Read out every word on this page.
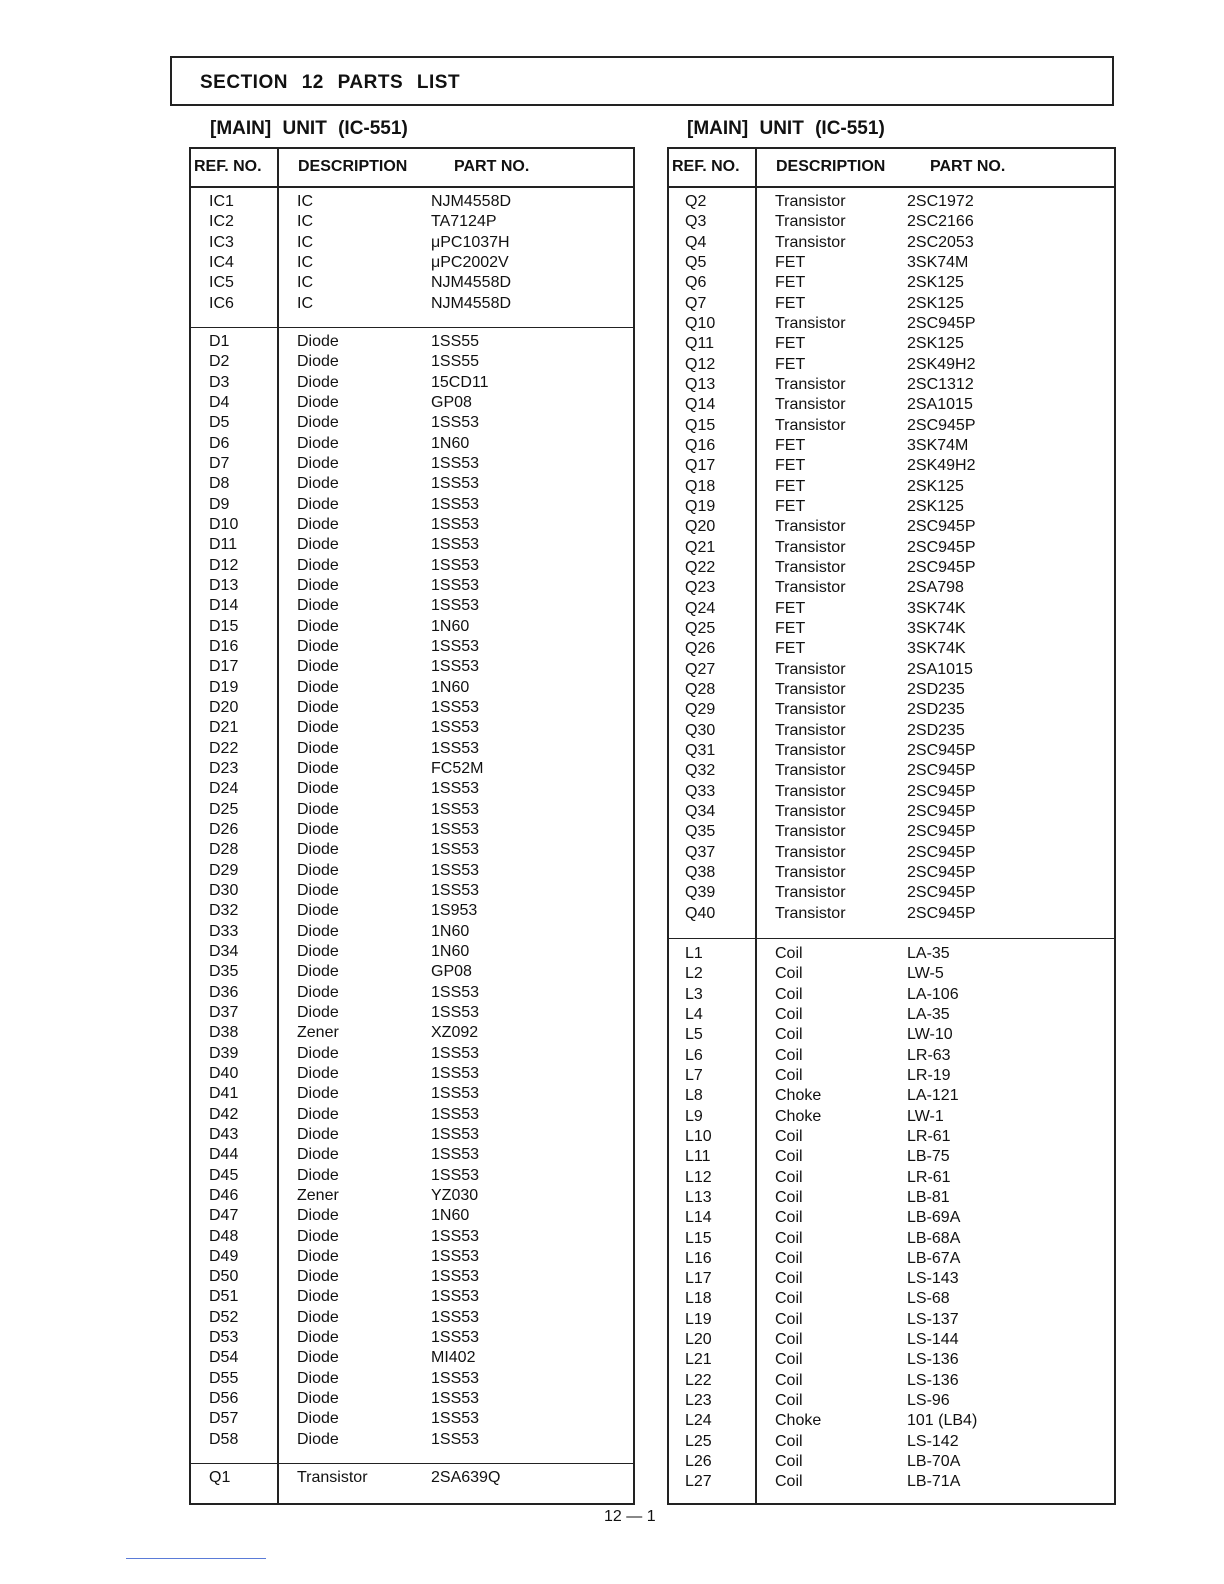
SECTION 12 PARTS LIST
[MAIN] UNIT (IC-551)	[MAIN] UNIT (IC-551)
REF. NO. DESCRIPTION	PART NO.
IC1	IC	NJM4558D
IC2	IC	TA7124P
IC3	IC	μPC1037H
IC4	IC	μPC2002V
IC5	IC	NJM4558D
IC6	IC	NJM4558D
D1	Diode	1SS55
D2	Diode	1SS55
D3	Diode	15CD11
D4	Diode	GP08
D5	Diode	1SS53
D6	Diode	1N60
D7	Diode	1SS53
D8	Diode	1SS53
D9	Diode	1SS53
D10	Diode	1SS53
D11	Diode	1SS53
D12	Diode	1SS53
D13	Diode	1SS53
D14	Diode	1SS53
D15	Diode	1N60
D16	Diode	1SS53
D17	Diode	1SS53
D19	Diode	1N60
D20	Diode	1SS53
D21	Diode	1SS53
D22	Diode	1SS53
D23	Diode	FC52M
D24	Diode	1SS53
D25	Diode	1SS53
D26	Diode	1SS53
D28	Diode	1SS53
D29	Diode	1SS53
D30	Diode	1SS53
D32	Diode	1S953
D33	Diode	1N60
D34	Diode	1N60
D35	Diode	GP08
D36	Diode	1SS53
D37	Diode	1SS53
D38	Zener	XZ092
D39	Diode	1SS53
D40	Diode	1SS53
D41	Diode	1SS53
D42	Diode	1SS53
D43	Diode	1SS53
D44	Diode	1SS53
D45	Diode	1SS53
D46	Zener	YZ030
D47	Diode	1N60
D48	Diode	1SS53
D49	Diode	1SS53
D50	Diode	1SS53
D51	Diode	1SS53
D52	Diode	1SS53
D53	Diode	1SS53
D54	Diode	MI402
D55	Diode	1SS53
D56	Diode	1SS53
D57	Diode	1SS53
D58	Diode	1SS53
Q1	Transistor	2SA639Q
REF. NO. DESCRIPTION	PART NO.
Q2	Transistor	2SC1972
Q3	Transistor	2SC2166
Q4	Transistor	2SC2053
Q5	FET	3SK74M
Q6	FET	2SK125
Q7	FET	2SK125
Q10	Transistor	2SC945P
Q11	FET	2SK125
Q12	FET	2SK49H2
Q13	Transistor	2SC1312
Q14	Transistor	2SA1015
Q15	Transistor	2SC945P
Q16	FET	3SK74M
Q17	FET	2SK49H2
Q18	FET	2SK125
Q19	FET	2SK125
Q20	Transistor	2SC945P
Q21	Transistor	2SC945P
Q22	Transistor	2SC945P
Q23	Transistor	2SA798
Q24	FET	3SK74K
Q25	FET	3SK74K
Q26	FET	3SK74K
Q27	Transistor	2SA1015
Q28	Transistor	2SD235
Q29	Transistor	2SD235
Q30	Transistor	2SD235
Q31	Transistor	2SC945P
Q32	Transistor	2SC945P
Q33	Transistor	2SC945P
Q34	Transistor	2SC945P
Q35	Transistor	2SC945P
Q37	Transistor	2SC945P
Q38	Transistor	2SC945P
Q39	Transistor	2SC945P
Q40	Transistor	2SC945P
L1	Coil	LA-35
L2	Coil	LW-5
L3	Coil	LA-106
L4	Coil	LA-35
L5	Coil	LW-10
L6	Coil	LR-63
L7	Coil	LR-19
L8	Choke	LA-121
L9	Choke	LW-1
L10	Coil	LR-61
L11	Coil	LB-75
L12	Coil	LR-61
L13	Coil	LB-81
L14	Coil	LB-69A
L15	Coil	LB-68A
L16	Coil	LB-67A
L17	Coil	LS-143
L18	Coil	LS-68
L19	Coil	LS-137
L20	Coil	LS-144
L21	Coil	LS-136
L22	Coil	LS-136
L23	Coil	LS-96
L24	Choke	101 (LB4)
L25	Coil	LS-142
L26	Coil	LB-70A
L27	Coil	LB-71A
12 — 1
